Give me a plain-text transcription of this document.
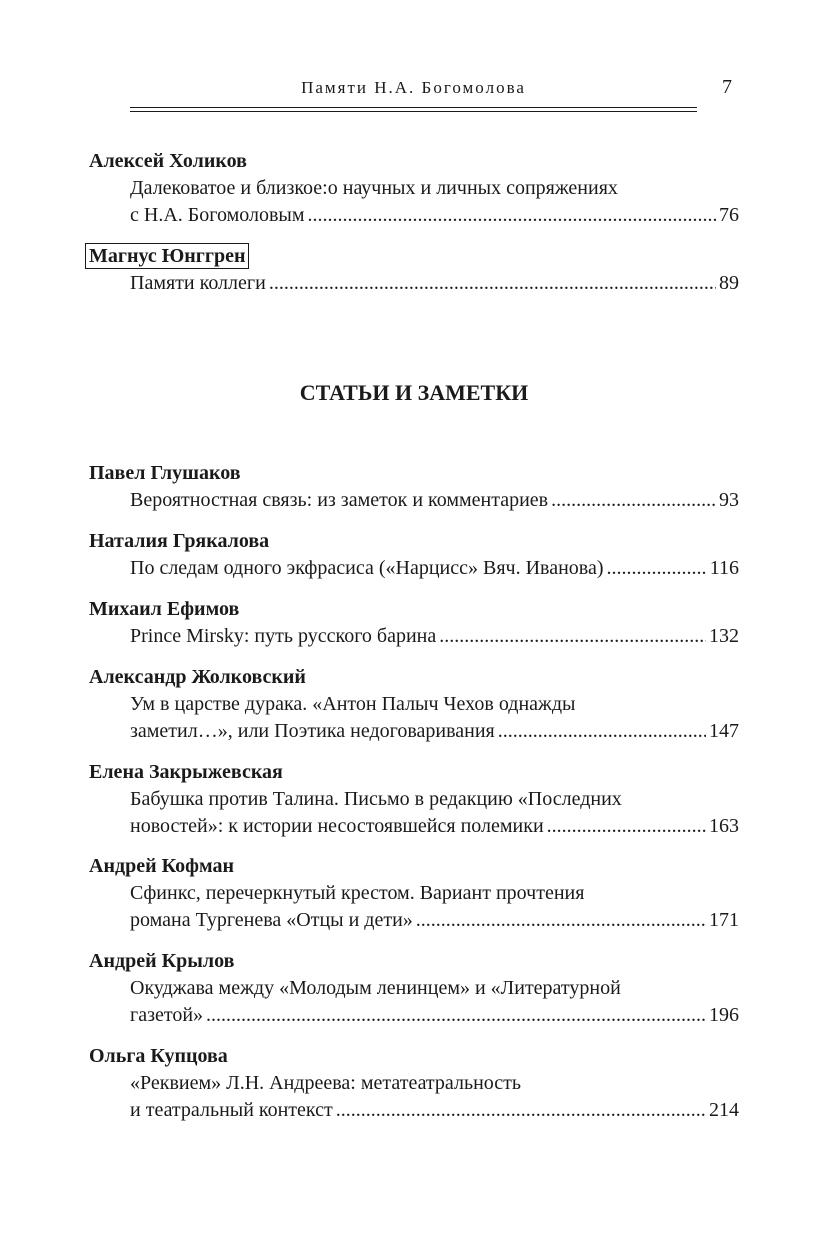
Памяти Н.А. Богомолова	7
Алексей Холиков
Далековатое и близкое:о научных и личных сопряжениях
с Н.А. Богомоловым .....	76
Магнус Юнггрен
Памяти коллеги .....	89
СТАТЬИ И ЗАМЕТКИ
Павел Глушаков
Вероятностная связь: из заметок и комментариев .....	93
Наталия Грякалова
По следам одного экфрасиса («Нарцисс» Вяч. Иванова) .....	116
Михаил Ефимов
Prince Mirsky: путь русского барина .....	132
Александр Жолковский
Ум в царстве дурака. «Антон Палыч Чехов однажды
заметил…», или Поэтика недоговаривания .....	147
Елена Закрыжевская
Бабушка против Талина. Письмо в редакцию «Последних
новостей»: к истории несостоявшейся полемики .....	163
Андрей Кофман
Сфинкс, перечеркнутый крестом. Вариант прочтения
романа Тургенева «Отцы и дети» .....	171
Андрей Крылов
Окуджава между «Молодым ленинцем» и «Литературной
газетой» .....	196
Ольга Купцова
«Реквием» Л.Н. Андреева: метатеатральность
и театральный контекст .....	214
